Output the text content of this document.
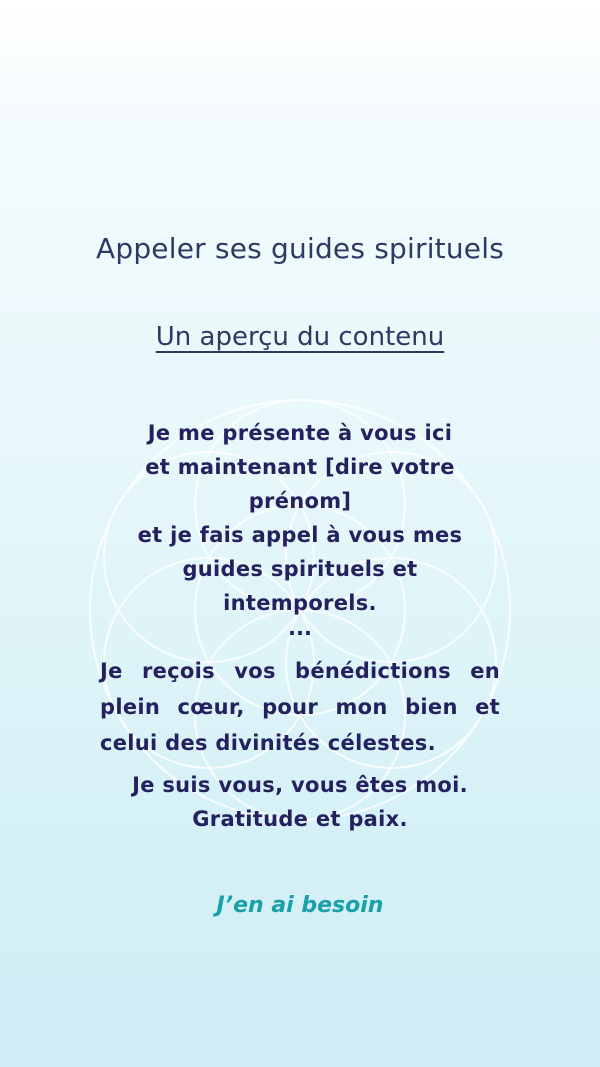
Appeler ses guides spirituels
Un aperçu du contenu
Je me présente à vous ici
et maintenant [dire votre
prénom]
et je fais appel à vous mes
guides spirituels et
intemporels.
...
Je reçois vos bénédictions en plein cœur, pour mon bien et celui des divinités célestes.
Je suis vous, vous êtes moi.
Gratitude et paix.
J’en ai besoin
